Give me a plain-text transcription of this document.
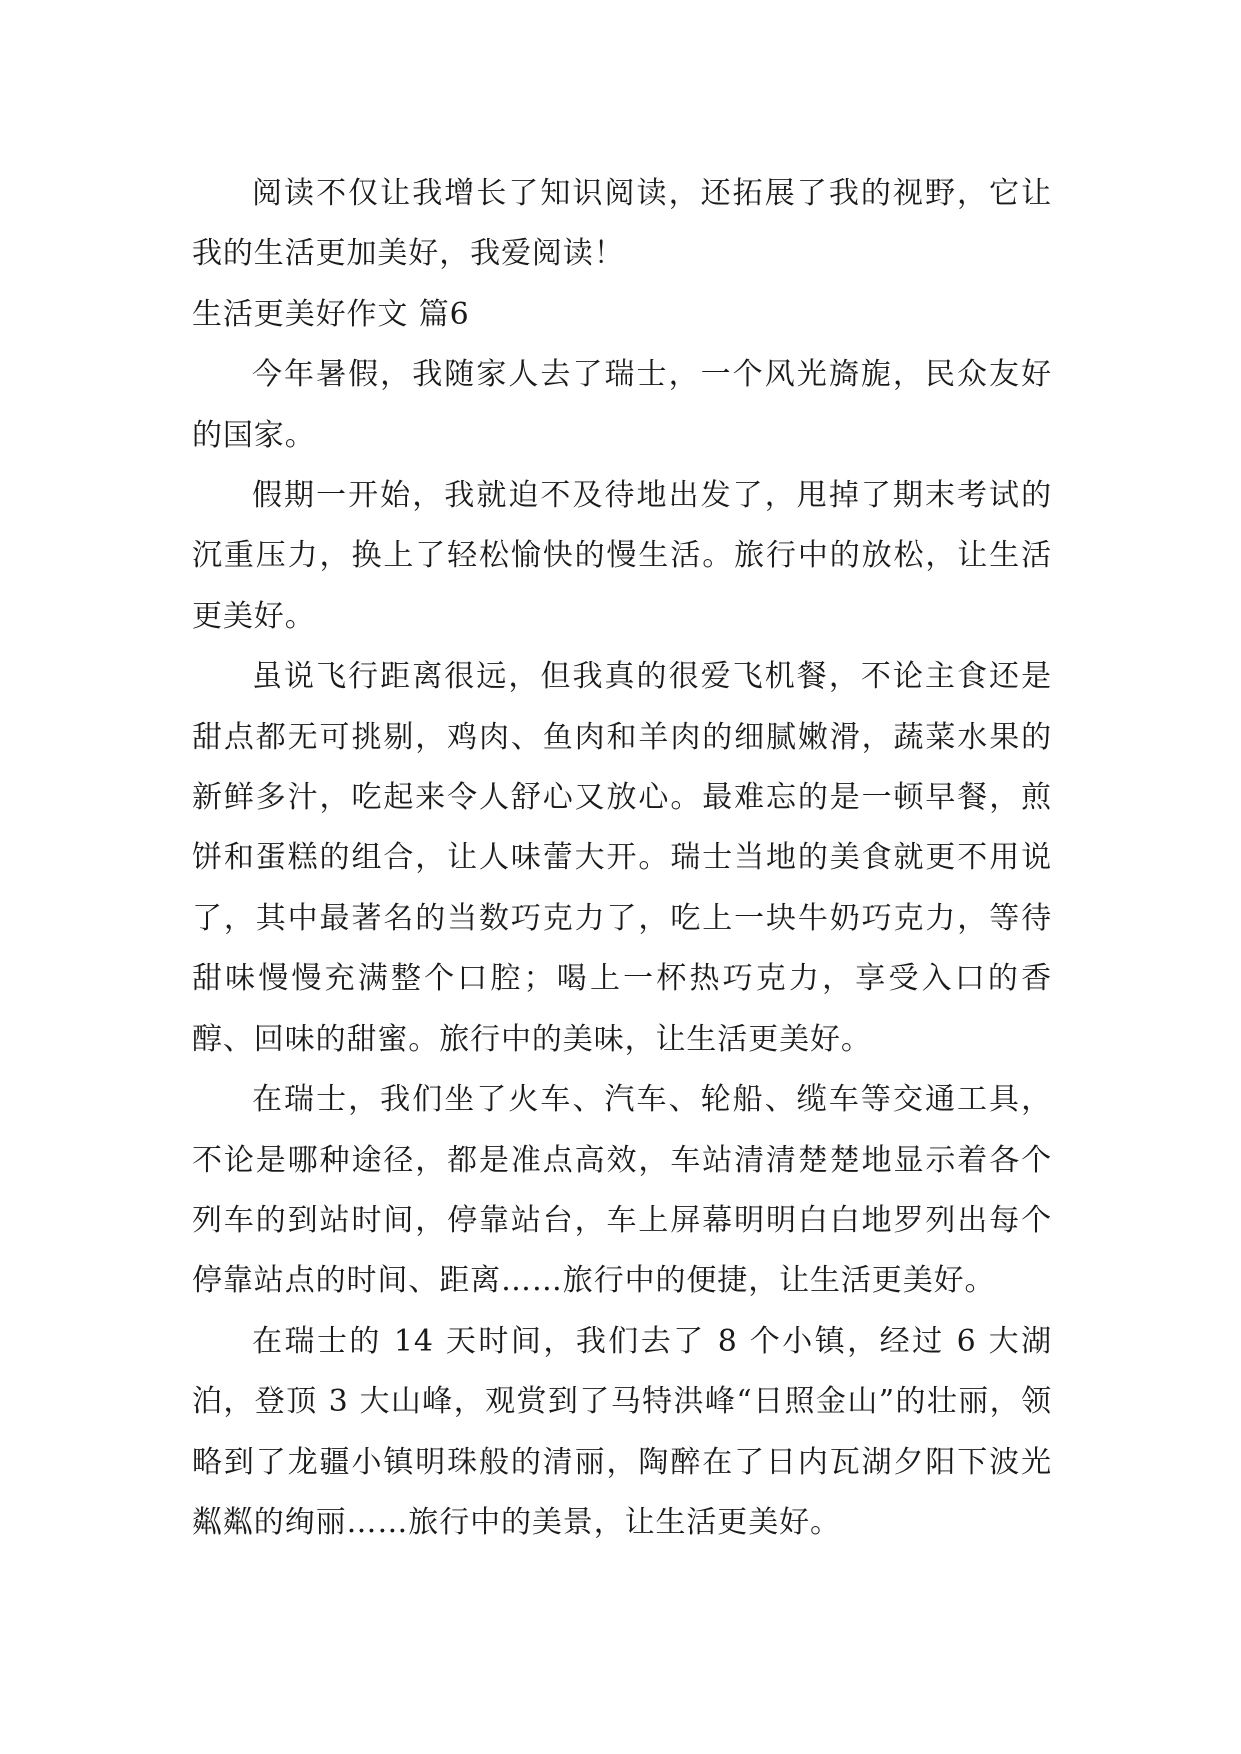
阅读不仅让我增长了知识阅读，还拓展了我的视野，它让我的生活更加美好，我爱阅读！

生活更美好作文 篇6

今年暑假，我随家人去了瑞士，一个风光旖旎，民众友好的国家。

假期一开始，我就迫不及待地出发了，甩掉了期末考试的沉重压力，换上了轻松愉快的慢生活。旅行中的放松，让生活更美好。

虽说飞行距离很远，但我真的很爱飞机餐，不论主食还是甜点都无可挑剔，鸡肉、鱼肉和羊肉的细腻嫩滑，蔬菜水果的新鲜多汁，吃起来令人舒心又放心。最难忘的是一顿早餐，煎饼和蛋糕的组合，让人味蕾大开。瑞士当地的美食就更不用说了，其中最著名的当数巧克力了，吃上一块牛奶巧克力，等待甜味慢慢充满整个口腔；喝上一杯热巧克力，享受入口的香醇、回味的甜蜜。旅行中的美味，让生活更美好。

在瑞士，我们坐了火车、汽车、轮船、缆车等交通工具，不论是哪种途径，都是准点高效，车站清清楚楚地显示着各个列车的到站时间，停靠站台，车上屏幕明明白白地罗列出每个停靠站点的时间、距离……旅行中的便捷，让生活更美好。

在瑞士的 14 天时间，我们去了 8 个小镇，经过 6 大湖泊，登顶 3 大山峰，观赏到了马特洪峰“日照金山”的壮丽，领略到了龙疆小镇明珠般的清丽，陶醉在了日内瓦湖夕阳下波光粼粼的绚丽……旅行中的美景，让生活更美好。
